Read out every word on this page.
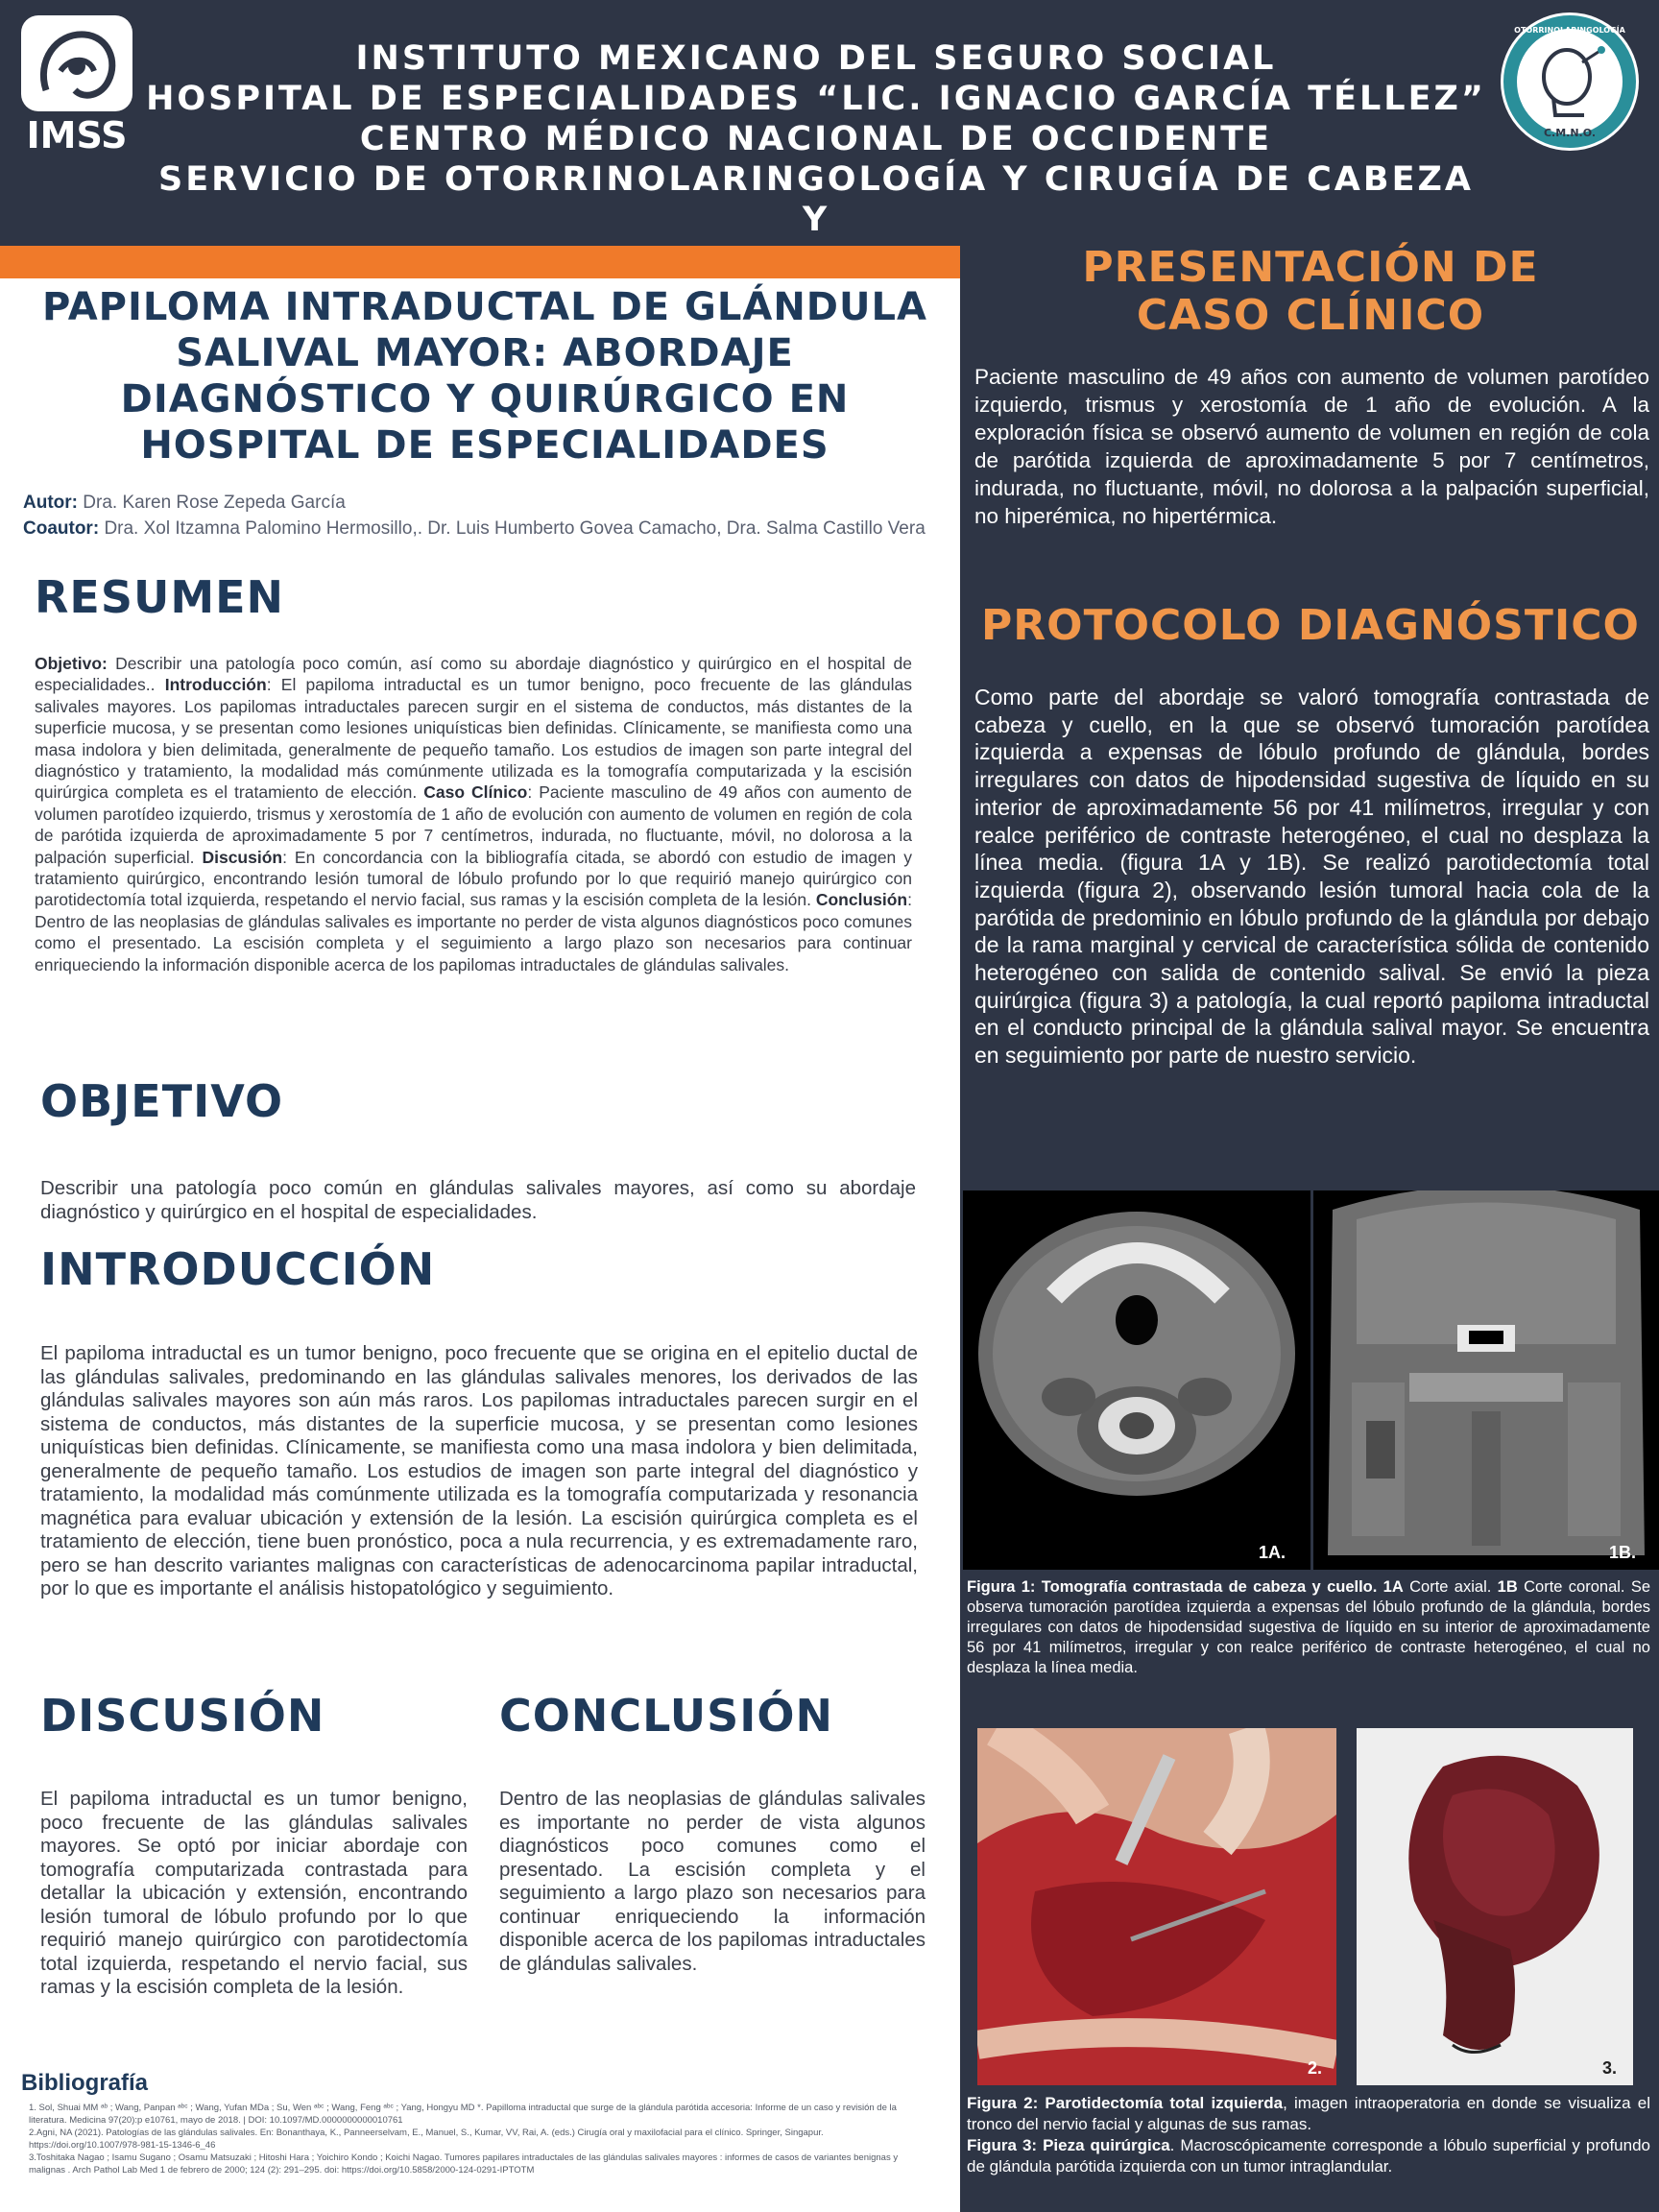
IMSS	C.M.N.O.
OTORRINOLARINGOLOGÍA
INSTITUTO MEXICANO DEL SEGURO SOCIAL
HOSPITAL DE ESPECIALIDADES “LIC. IGNACIO GARCÍA TÉLLEZ”
CENTRO MÉDICO NACIONAL DE OCCIDENTE
SERVICIO DE OTORRINOLARINGOLOGÍA Y CIRUGÍA DE CABEZA Y
PAPILOMA INTRADUCTAL DE GLÁNDULA SALIVAL MAYOR: ABORDAJE DIAGNÓSTICO Y QUIRÚRGICO EN HOSPITAL DE ESPECIALIDADES
Autor: Dra. Karen Rose Zepeda García
Coautor: Dra. Xol Itzamna Palomino Hermosillo,. Dr. Luis Humberto Govea Camacho, Dra. Salma Castillo Vera
RESUMEN
Objetivo: Describir una patología poco común, así como su abordaje diagnóstico y quirúrgico en el hospital de especialidades.. Introducción: El papiloma intraductal es un tumor benigno, poco frecuente de las glándulas salivales mayores. Los papilomas intraductales parecen surgir en el sistema de conductos, más distantes de la superficie mucosa, y se presentan como lesiones uniquísticas bien definidas. Clínicamente, se manifiesta como una masa indolora y bien delimitada, generalmente de pequeño tamaño. Los estudios de imagen son parte integral del diagnóstico y tratamiento, la modalidad más comúnmente utilizada es la tomografía computarizada y la escisión quirúrgica completa es el tratamiento de elección. Caso Clínico: Paciente masculino de 49 años con aumento de volumen parotídeo izquierdo, trismus y xerostomía de 1 año de evolución con aumento de volumen en región de cola de parótida izquierda de aproximadamente 5 por 7 centímetros, indurada, no fluctuante, móvil, no dolorosa a la palpación superficial. Discusión: En concordancia con la bibliografía citada, se abordó con estudio de imagen y tratamiento quirúrgico, encontrando lesión tumoral de lóbulo profundo por lo que requirió manejo quirúrgico con parotidectomía total izquierda, respetando el nervio facial, sus ramas y la escisión completa de la lesión. Conclusión: Dentro de las neoplasias de glándulas salivales es importante no perder de vista algunos diagnósticos poco comunes como el presentado. La escisión completa y el seguimiento a largo plazo son necesarios para continuar enriqueciendo la información disponible acerca de los papilomas intraductales de glándulas salivales.
OBJETIVO
Describir una patología poco común en glándulas salivales mayores, así como su abordaje diagnóstico y quirúrgico en el hospital de especialidades.
INTRODUCCIÓN
El papiloma intraductal es un tumor benigno, poco frecuente que se origina en el epitelio ductal de las glándulas salivales, predominando en las glándulas salivales menores, los derivados de las glándulas salivales mayores son aún más raros. Los papilomas intraductales parecen surgir en el sistema de conductos, más distantes de la superficie mucosa, y se presentan como lesiones uniquísticas bien definidas. Clínicamente, se manifiesta como una masa indolora y bien delimitada, generalmente de pequeño tamaño. Los estudios de imagen son parte integral del diagnóstico y tratamiento, la modalidad más comúnmente utilizada es la tomografía computarizada y resonancia magnética para evaluar ubicación y extensión de la lesión. La escisión quirúrgica completa es el tratamiento de elección, tiene buen pronóstico, poca a nula recurrencia, y es extremadamente raro, pero se han descrito variantes malignas con características de adenocarcinoma papilar intraductal, por lo que es importante el análisis histopatológico y seguimiento.
DISCUSIÓN
El papiloma intraductal es un tumor benigno, poco frecuente de las glándulas salivales mayores. Se optó por iniciar abordaje con tomografía computarizada contrastada para detallar la ubicación y extensión, encontrando lesión tumoral de lóbulo profundo por lo que requirió manejo quirúrgico con parotidectomía total izquierda, respetando el nervio facial, sus ramas y la escisión completa de la lesión.
CONCLUSIÓN
Dentro de las neoplasias de glándulas salivales es importante no perder de vista algunos diagnósticos poco comunes como el presentado. La escisión completa y el seguimiento a largo plazo son necesarios para continuar enriqueciendo la información disponible acerca de los papilomas intraductales de glándulas salivales.
Bibliografía
1. Sol, Shuai MM ᵃᵇ ; Wang, Panpan ᵃᵇᶜ ; Wang, Yufan MDa ; Su, Wen ᵃᵇᶜ ; Wang, Feng ᵃᵇᶜ ; Yang, Hongyu MD *. Papilloma intraductal que surge de la glándula parótida accesoria: Informe de un caso y revisión de la literatura. Medicina 97(20):p e10761, mayo de 2018. | DOI: 10.1097/MD.0000000000010761
2.Agni, NA (2021). Patologías de las glándulas salivales. En: Bonanthaya, K., Panneerselvam, E., Manuel, S., Kumar, VV, Rai, A. (eds.) Cirugía oral y maxilofacial para el clínico. Springer, Singapur. https://doi.org/10.1007/978-981-15-1346-6_46
3.Toshitaka Nagao ; Isamu Sugano ; Osamu Matsuzaki ; Hitoshi Hara ; Yoichiro Kondo ; Koichi Nagao. Tumores papilares intraductales de las glándulas salivales mayores : informes de casos de variantes benignas y malignas . Arch Pathol Lab Med 1 de febrero de 2000; 124 (2): 291–295. doi: https://doi.org/10.5858/2000-124-0291-IPTOTM
PRESENTACIÓN DE
CASO CLÍNICO
Paciente masculino de 49 años con aumento de volumen parotídeo izquierdo, trismus y xerostomía de 1 año de evolución. A la exploración física se observó aumento de volumen en región de cola de parótida izquierda de aproximadamente 5 por 7 centímetros, indurada, no fluctuante, móvil, no dolorosa a la palpación superficial, no hiperémica, no hipertérmica.
PROTOCOLO DIAGNÓSTICO
Como parte del abordaje se valoró tomografía contrastada de cabeza y cuello, en la que se observó tumoración parotídea izquierda a expensas de lóbulo profundo de glándula, bordes irregulares con datos de hipodensidad sugestiva de líquido en su interior de aproximadamente 56 por 41 milímetros, irregular y con realce periférico de contraste heterogéneo, el cual no desplaza la línea media. (figura 1A y 1B). Se realizó parotidectomía total izquierda (figura 2), observando lesión tumoral hacia cola de la parótida de predominio en lóbulo profundo de la glándula por debajo de la rama marginal y cervical de característica sólida de contenido heterogéneo con salida de contenido salival. Se envió la pieza quirúrgica (figura 3) a patología, la cual reportó papiloma intraductal en el conducto principal de la glándula salival mayor. Se encuentra en seguimiento por parte de nuestro servicio.
1A.	1B.
Figura 1: Tomografía contrastada de cabeza y cuello. 1A Corte axial. 1B Corte coronal. Se observa tumoración parotídea izquierda a expensas del lóbulo profundo de la glándula, bordes irregulares con datos de hipodensidad sugestiva de líquido en su interior de aproximadamente 56 por 41 milímetros, irregular y con realce periférico de contraste heterogéneo, el cual no desplaza la línea media.
2.	3.
Figura 2: Parotidectomía total izquierda, imagen intraoperatoria en donde se visualiza el tronco del nervio facial y algunas de sus ramas.
Figura 3: Pieza quirúrgica. Macroscópicamente corresponde a lóbulo superficial y profundo de glándula parótida izquierda con un tumor intraglandular.
